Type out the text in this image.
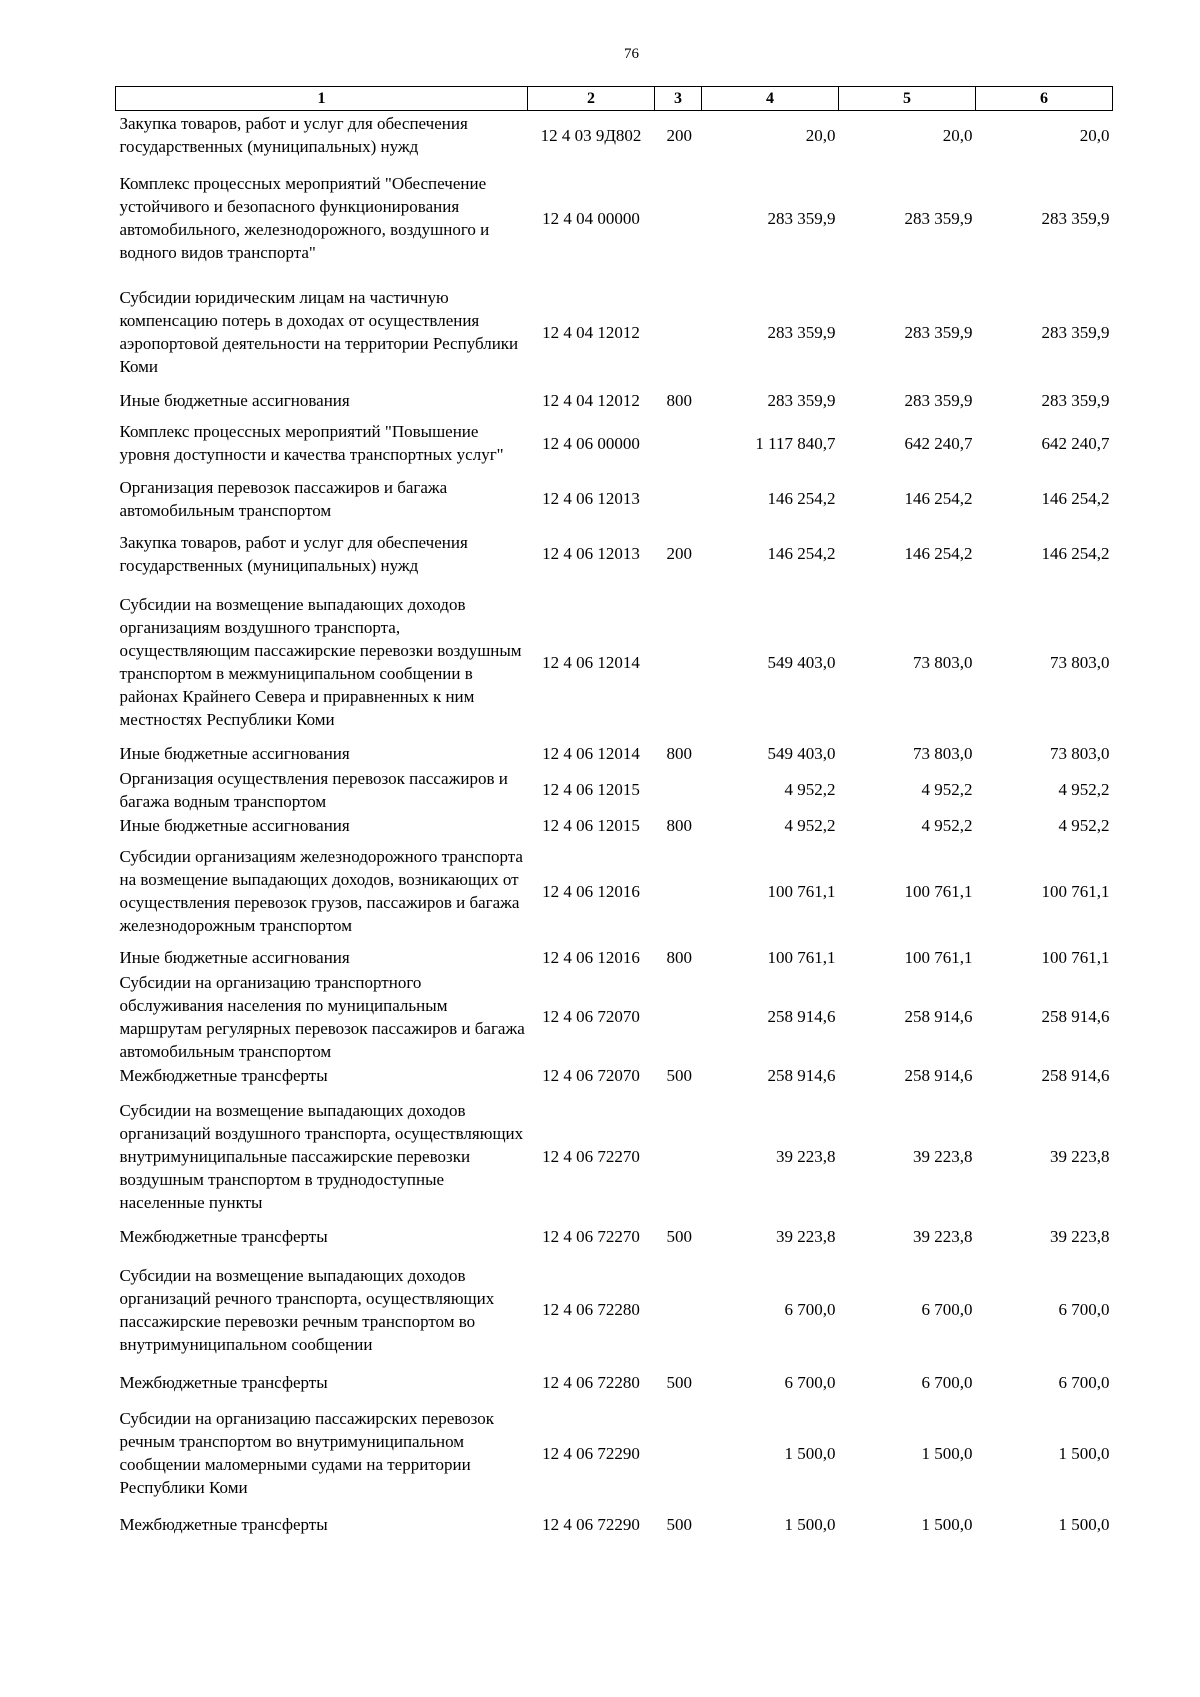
76
1	2	3	4	5	6
Закупка товаров, работ и услуг для обеспечения государственных (муниципальных) нужд	12 4 03 9Д802	200	20,0	20,0	20,0
Комплекс процессных мероприятий "Обеспечение устойчивого и безопасного функционирования автомобильного, железнодорожного, воздушного и водного видов транспорта"	12 4 04 00000		283 359,9	283 359,9	283 359,9
Субсидии юридическим лицам на частичную компенсацию потерь в доходах от осуществления аэропортовой деятельности на территории Республики Коми	12 4 04 12012		283 359,9	283 359,9	283 359,9
Иные бюджетные ассигнования	12 4 04 12012	800	283 359,9	283 359,9	283 359,9
Комплекс процессных мероприятий "Повышение уровня доступности и качества транспортных услуг"	12 4 06 00000		1 117 840,7	642 240,7	642 240,7
Организация перевозок пассажиров и багажа автомобильным транспортом	12 4 06 12013		146 254,2	146 254,2	146 254,2
Закупка товаров, работ и услуг для обеспечения государственных (муниципальных) нужд	12 4 06 12013	200	146 254,2	146 254,2	146 254,2
Субсидии на возмещение выпадающих доходов организациям воздушного транспорта, осуществляющим пассажирские перевозки воздушным транспортом в межмуниципальном сообщении в районах Крайнего Севера и приравненных к ним местностях Республики Коми	12 4 06 12014		549 403,0	73 803,0	73 803,0
Иные бюджетные ассигнования	12 4 06 12014	800	549 403,0	73 803,0	73 803,0
Организация осуществления перевозок пассажиров и багажа водным транспортом	12 4 06 12015		4 952,2	4 952,2	4 952,2
Иные бюджетные ассигнования	12 4 06 12015	800	4 952,2	4 952,2	4 952,2
Субсидии организациям железнодорожного транспорта на возмещение выпадающих доходов, возникающих от осуществления перевозок грузов, пассажиров и багажа железнодорожным транспортом	12 4 06 12016		100 761,1	100 761,1	100 761,1
Иные бюджетные ассигнования	12 4 06 12016	800	100 761,1	100 761,1	100 761,1
Субсидии на организацию транспортного обслуживания населения по муниципальным маршрутам регулярных перевозок пассажиров и багажа автомобильным транспортом	12 4 06 72070		258 914,6	258 914,6	258 914,6
Межбюджетные трансферты	12 4 06 72070	500	258 914,6	258 914,6	258 914,6
Субсидии на возмещение выпадающих доходов организаций воздушного транспорта, осуществляющих внутримуниципальные пассажирские перевозки воздушным транспортом в труднодоступные населенные пункты	12 4 06 72270		39 223,8	39 223,8	39 223,8
Межбюджетные трансферты	12 4 06 72270	500	39 223,8	39 223,8	39 223,8
Субсидии на возмещение выпадающих доходов организаций речного транспорта, осуществляющих пассажирские перевозки речным транспортом во внутримуниципальном сообщении	12 4 06 72280		6 700,0	6 700,0	6 700,0
Межбюджетные трансферты	12 4 06 72280	500	6 700,0	6 700,0	6 700,0
Субсидии на организацию пассажирских перевозок речным транспортом во внутримуниципальном сообщении маломерными судами на территории Республики Коми	12 4 06 72290		1 500,0	1 500,0	1 500,0
Межбюджетные трансферты	12 4 06 72290	500	1 500,0	1 500,0	1 500,0
